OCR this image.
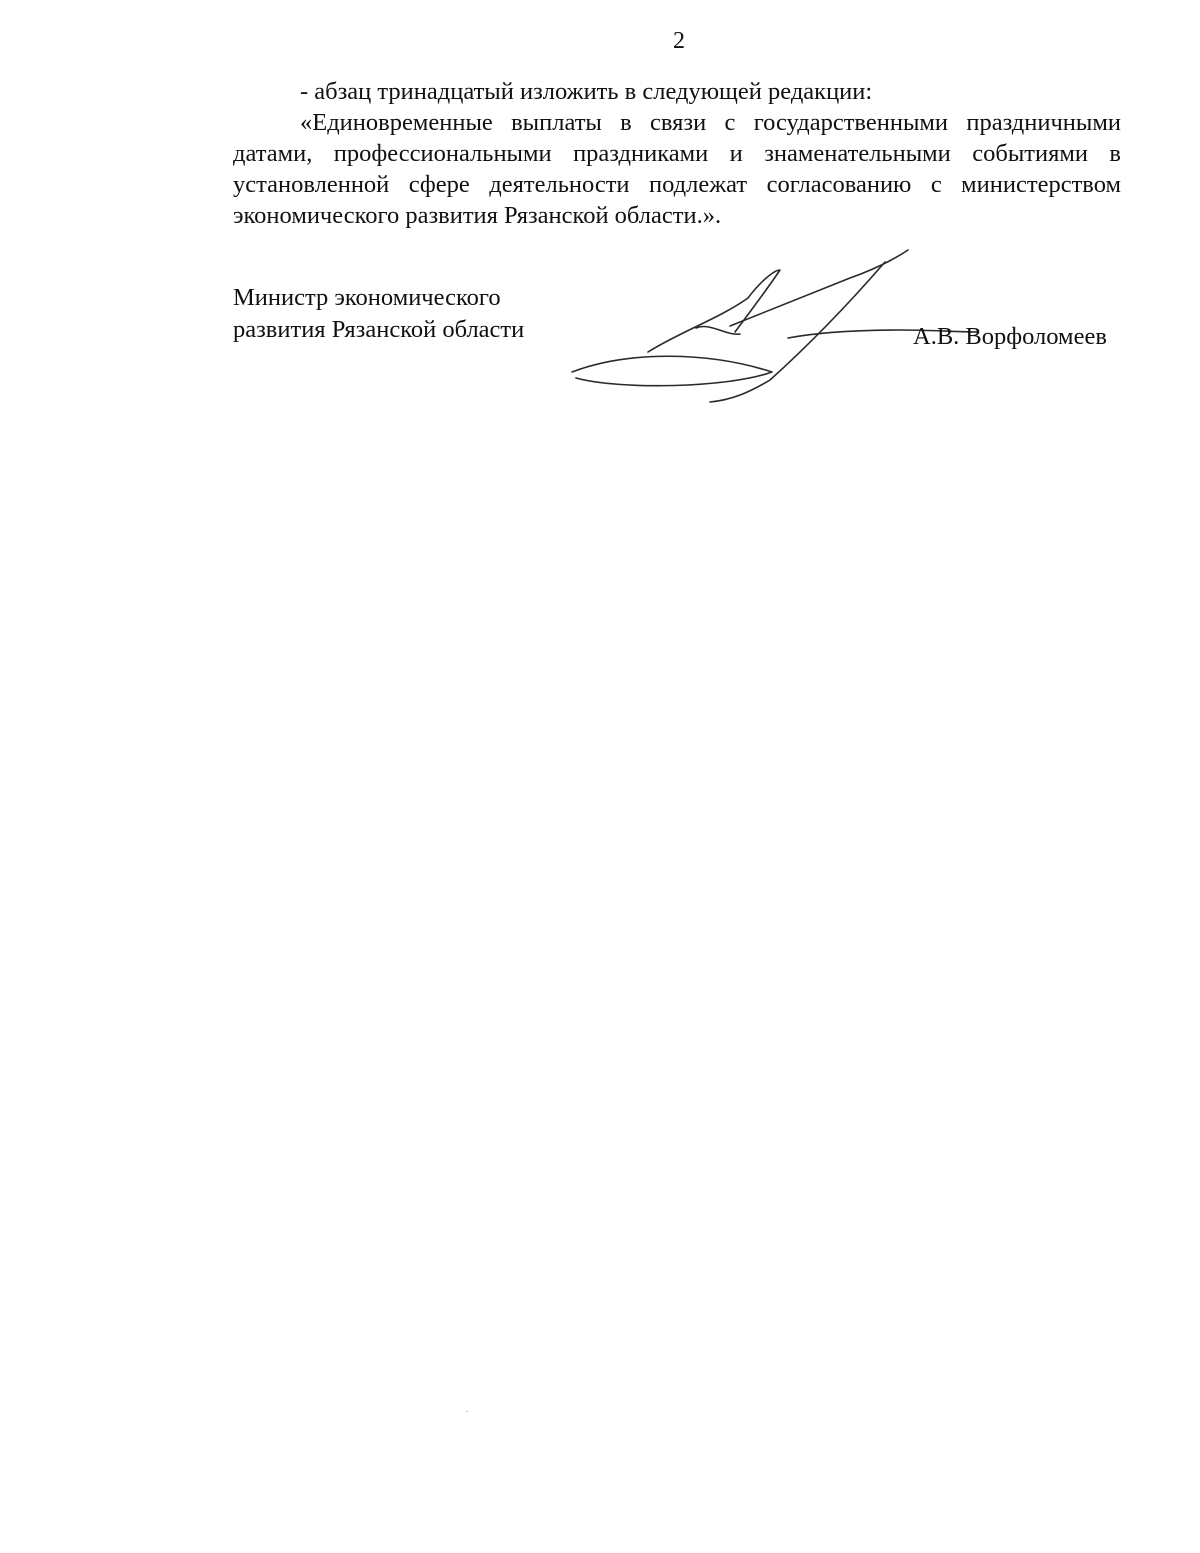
2

- абзац тринадцатый изложить в следующей редакции:

«Единовременные выплаты в связи с государственными праздничными датами, профессиональными праздниками и знаменательными событиями в установленной сфере деятельности подлежат согласованию с министерством экономического развития Рязанской области.».

Министр экономического
развития Рязанской области	А.В. Ворфоломеев
